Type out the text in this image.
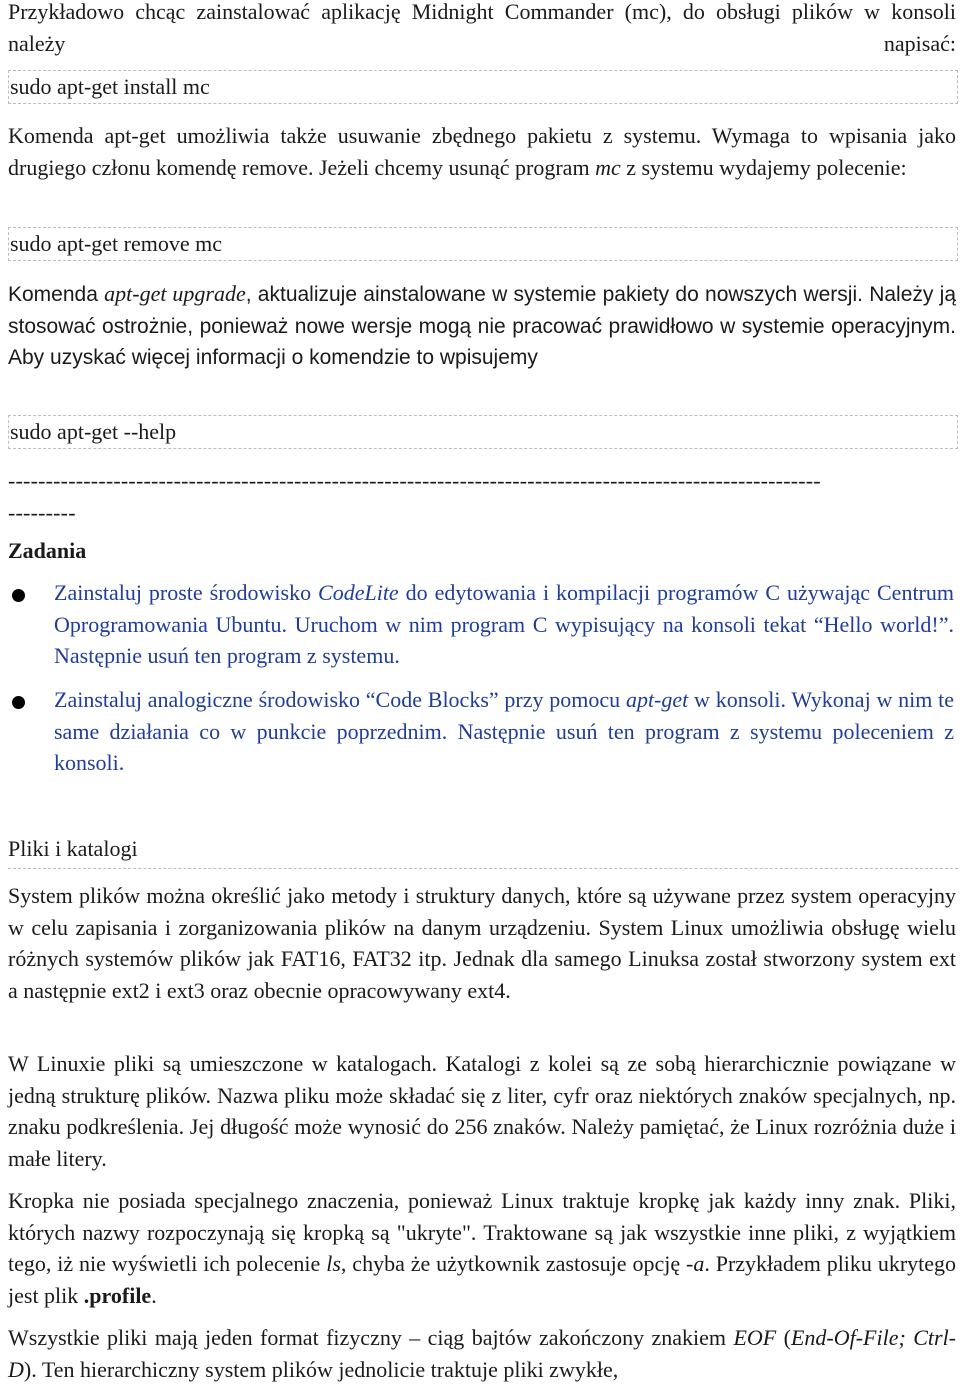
Przykładowo chcąc zainstalować aplikację Midnight Commander (mc), do obsługi plików w konsoli należy napisać:

sudo apt-get install mc

Komenda apt-get umożliwia także usuwanie zbędnego pakietu z systemu. Wymaga to wpisania jako drugiego członu komendę remove. Jeżeli chcemy usunąć program mc z systemu wydajemy polecenie:

sudo apt-get remove mc

Komenda apt-get upgrade, aktualizuje ainstalowane w systemie pakiety do nowszych wersji. Należy ją stosować ostrożnie, ponieważ nowe wersje mogą nie pracować prawidłowo w systemie operacyjnym. Aby uzyskać więcej informacji o komendzie to wpisujemy

sudo apt-get --help
------------------------------------------------------------------------------------------------------------
---------
Zadania

Zainstaluj proste środowisko CodeLite do edytowania i kompilacji programów C używając Centrum Oprogramowania Ubuntu. Uruchom w nim program C wypisujący na konsoli tekat “Hello world!”. Następnie usuń ten program z systemu.

Zainstaluj analogiczne środowisko “Code Blocks” przy pomocu apt-get w konsoli. Wykonaj w nim te same działania co w punkcie poprzednim. Następnie usuń ten program z systemu poleceniem z konsoli.

Pliki i katalogi

System plików można określić jako metody i struktury danych, które są używane przez system operacyjny w celu zapisania i zorganizowania plików na danym urządzeniu. System Linux umożliwia obsługę wielu różnych systemów plików jak FAT16, FAT32 itp. Jednak dla samego Linuksa został stworzony system ext a następnie ext2 i ext3 oraz obecnie opracowywany ext4.

W Linuxie pliki są umieszczone w katalogach. Katalogi z kolei są ze sobą hierarchicznie powiązane w jedną strukturę plików. Nazwa pliku może składać się z liter, cyfr oraz niektórych znaków specjalnych, np. znaku podkreślenia. Jej długość może wynosić do 256 znaków. Należy pamiętać, że Linux rozróżnia duże i małe litery.

Kropka nie posiada specjalnego znaczenia, ponieważ Linux traktuje kropkę jak każdy inny znak. Pliki, których nazwy rozpoczynają się kropką są "ukryte". Traktowane są jak wszystkie inne pliki, z wyjątkiem tego, iż nie wyświetli ich polecenie ls, chyba że użytkownik zastosuje opcję -a. Przykładem pliku ukrytego jest plik .profile.

Wszystkie pliki mają jeden format fizyczny – ciąg bajtów zakończony znakiem EOF (End-Of-File; Ctrl-D). Ten hierarchiczny system plików jednolicie traktuje pliki zwykłe,
